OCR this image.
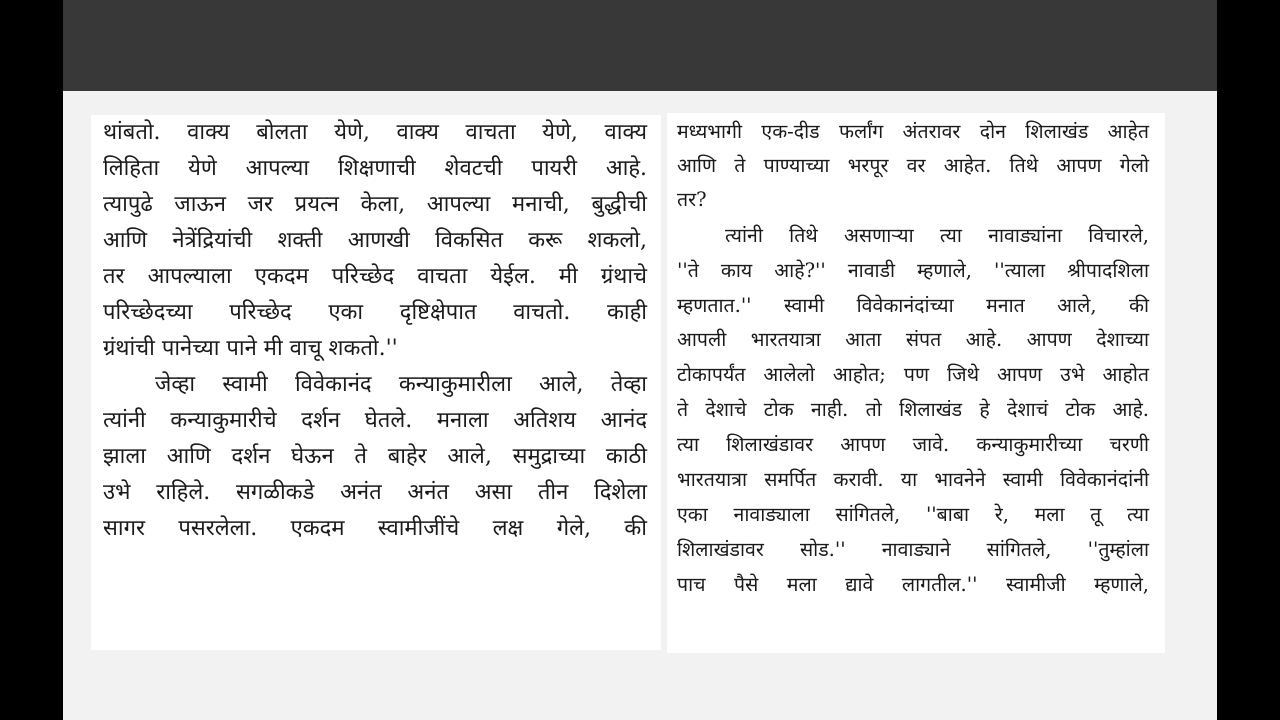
थांबतो. वाक्य बोलता येणे, वाक्य वाचता येणे, वाक्य
लिहिता येणे आपल्या शिक्षणाची शेवटची पायरी आहे.
त्यापुढे जाऊन जर प्रयत्न केला, आपल्या मनाची, बुद्धीची
आणि नेत्रेंद्रियांची शक्ती आणखी विकसित करू शकलो,
तर आपल्याला एकदम परिच्छेद वाचता येईल. मी ग्रंथाचे
परिच्छेदच्या परिच्छेद एका दृष्टिक्षेपात वाचतो. काही
ग्रंथांची पानेच्या पाने मी वाचू शकतो.''
जेव्हा स्वामी विवेकानंद कन्याकुमारीला आले, तेव्हा
त्यांनी कन्याकुमारीचे दर्शन घेतले. मनाला अतिशय आनंद
झाला आणि दर्शन घेऊन ते बाहेर आले, समुद्राच्या काठी
उभे राहिले. सगळीकडे अनंत अनंत असा तीन दिशेला
सागर पसरलेला. एकदम स्वामीजींचे लक्ष गेले, की
मध्यभागी एक-दीड फर्लांग अंतरावर दोन शिलाखंड आहेत
आणि ते पाण्याच्या भरपूर वर आहेत. तिथे आपण गेलो
तर?
त्यांनी तिथे असणाऱ्या त्या नावाड्यांना विचारले,
''ते काय आहे?'' नावाडी म्हणाले, ''त्याला श्रीपादशिला
म्हणतात.'' स्वामी विवेकानंदांच्या मनात आले, की
आपली भारतयात्रा आता संपत आहे. आपण देशाच्या
टोकापर्यंत आलेलो आहोत; पण जिथे आपण उभे आहोत
ते देशाचे टोक नाही. तो शिलाखंड हे देशाचं टोक आहे.
त्या शिलाखंडावर आपण जावे. कन्याकुमारीच्या चरणी
भारतयात्रा समर्पित करावी. या भावनेने स्वामी विवेकानंदांनी
एका नावाड्याला सांगितले, ''बाबा रे, मला तू त्या
शिलाखंडावर सोड.'' नावाड्याने सांगितले, ''तुम्हांला
पाच पैसे मला द्यावे लागतील.'' स्वामीजी म्हणाले,
